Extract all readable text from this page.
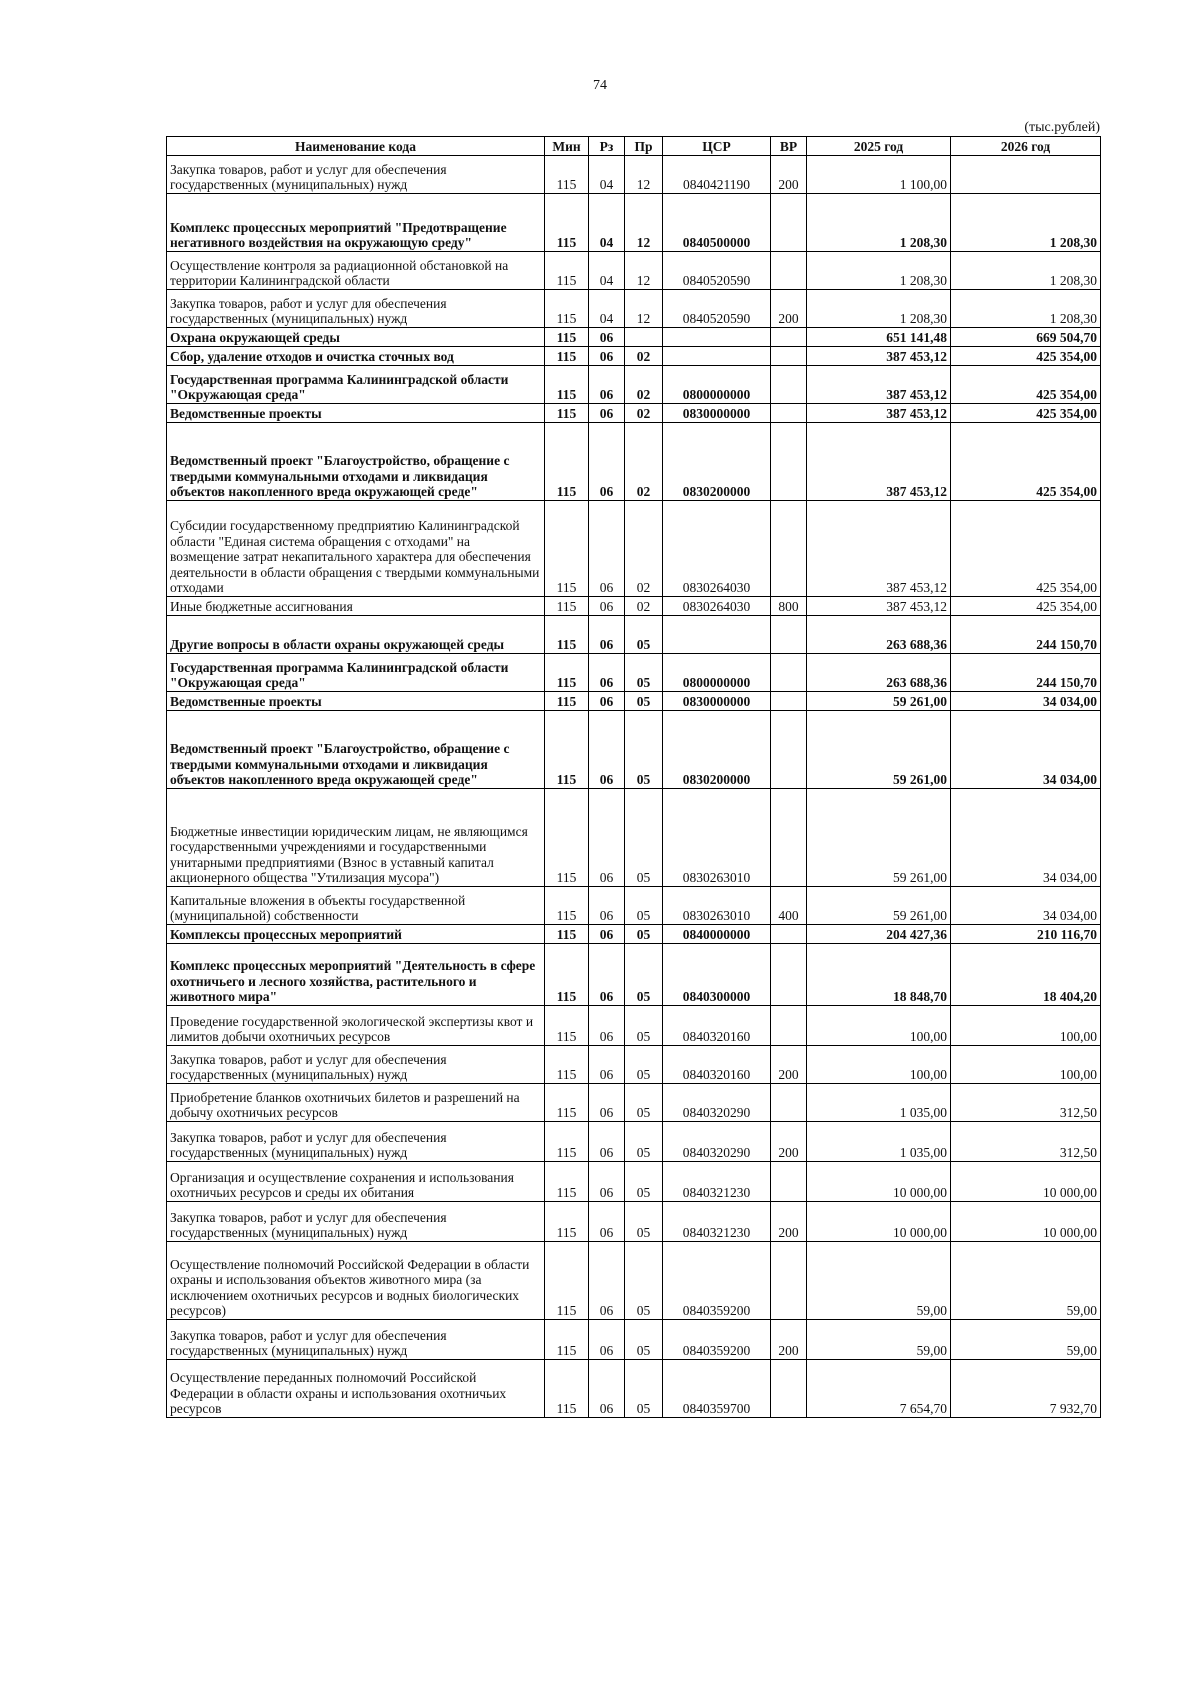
74
(тыс.рублей)
Наименование кода	Мин	Рз	Пр	ЦСР	ВР	2025 год	2026 год
Закупка товаров, работ и услуг для обеспечения государственных (муниципальных) нужд	115	04	12	0840421190	200	1 100,00	
Комплекс процессных мероприятий "Предотвращение негативного воздействия на окружающую среду"	115	04	12	0840500000		1 208,30	1 208,30
Осуществление контроля за радиационной обстановкой на территории Калининградской области	115	04	12	0840520590		1 208,30	1 208,30
Закупка товаров, работ и услуг для обеспечения государственных (муниципальных) нужд	115	04	12	0840520590	200	1 208,30	1 208,30
Охрана окружающей среды	115	06				651 141,48	669 504,70
Сбор, удаление отходов и очистка сточных вод	115	06	02			387 453,12	425 354,00
Государственная программа Калининградской области "Окружающая среда"	115	06	02	0800000000		387 453,12	425 354,00
Ведомственные проекты	115	06	02	0830000000		387 453,12	425 354,00
Ведомственный проект "Благоустройство, обращение с твердыми коммунальными отходами и ликвидация объектов накопленного вреда окружающей среде"	115	06	02	0830200000		387 453,12	425 354,00
Субсидии государственному предприятию Калининградской области "Единая система обращения с отходами" на возмещение затрат некапитального характера для обеспечения деятельности в области обращения с твердыми коммунальными отходами	115	06	02	0830264030		387 453,12	425 354,00
Иные бюджетные ассигнования	115	06	02	0830264030	800	387 453,12	425 354,00
Другие вопросы в области охраны окружающей среды	115	06	05			263 688,36	244 150,70
Государственная программа Калининградской области "Окружающая среда"	115	06	05	0800000000		263 688,36	244 150,70
Ведомственные проекты	115	06	05	0830000000		59 261,00	34 034,00
Ведомственный проект "Благоустройство, обращение с твердыми коммунальными отходами и ликвидация объектов накопленного вреда окружающей среде"	115	06	05	0830200000		59 261,00	34 034,00
Бюджетные инвестиции юридическим лицам, не являющимся государственными учреждениями и государственными унитарными предприятиями (Взнос в уставный капитал акционерного общества "Утилизация мусора")	115	06	05	0830263010		59 261,00	34 034,00
Капитальные вложения в объекты государственной (муниципальной) собственности	115	06	05	0830263010	400	59 261,00	34 034,00
Комплексы процессных мероприятий	115	06	05	0840000000		204 427,36	210 116,70
Комплекс процессных мероприятий "Деятельность в сфере охотничьего и лесного хозяйства, растительного и животного мира"	115	06	05	0840300000		18 848,70	18 404,20
Проведение государственной экологической экспертизы квот и лимитов добычи охотничьих ресурсов	115	06	05	0840320160		100,00	100,00
Закупка товаров, работ и услуг для обеспечения государственных (муниципальных) нужд	115	06	05	0840320160	200	100,00	100,00
Приобретение бланков охотничьих билетов и разрешений на добычу охотничьих ресурсов	115	06	05	0840320290		1 035,00	312,50
Закупка товаров, работ и услуг для обеспечения государственных (муниципальных) нужд	115	06	05	0840320290	200	1 035,00	312,50
Организация и осуществление сохранения и использования охотничьих ресурсов и среды их обитания	115	06	05	0840321230		10 000,00	10 000,00
Закупка товаров, работ и услуг для обеспечения государственных (муниципальных) нужд	115	06	05	0840321230	200	10 000,00	10 000,00
Осуществление полномочий Российской Федерации в области охраны и использования объектов животного мира (за исключением охотничьих ресурсов и водных биологических ресурсов)	115	06	05	0840359200		59,00	59,00
Закупка товаров, работ и услуг для обеспечения государственных (муниципальных) нужд	115	06	05	0840359200	200	59,00	59,00
Осуществление переданных полномочий Российской Федерации в области охраны и использования охотничьих ресурсов	115	06	05	0840359700		7 654,70	7 932,70
